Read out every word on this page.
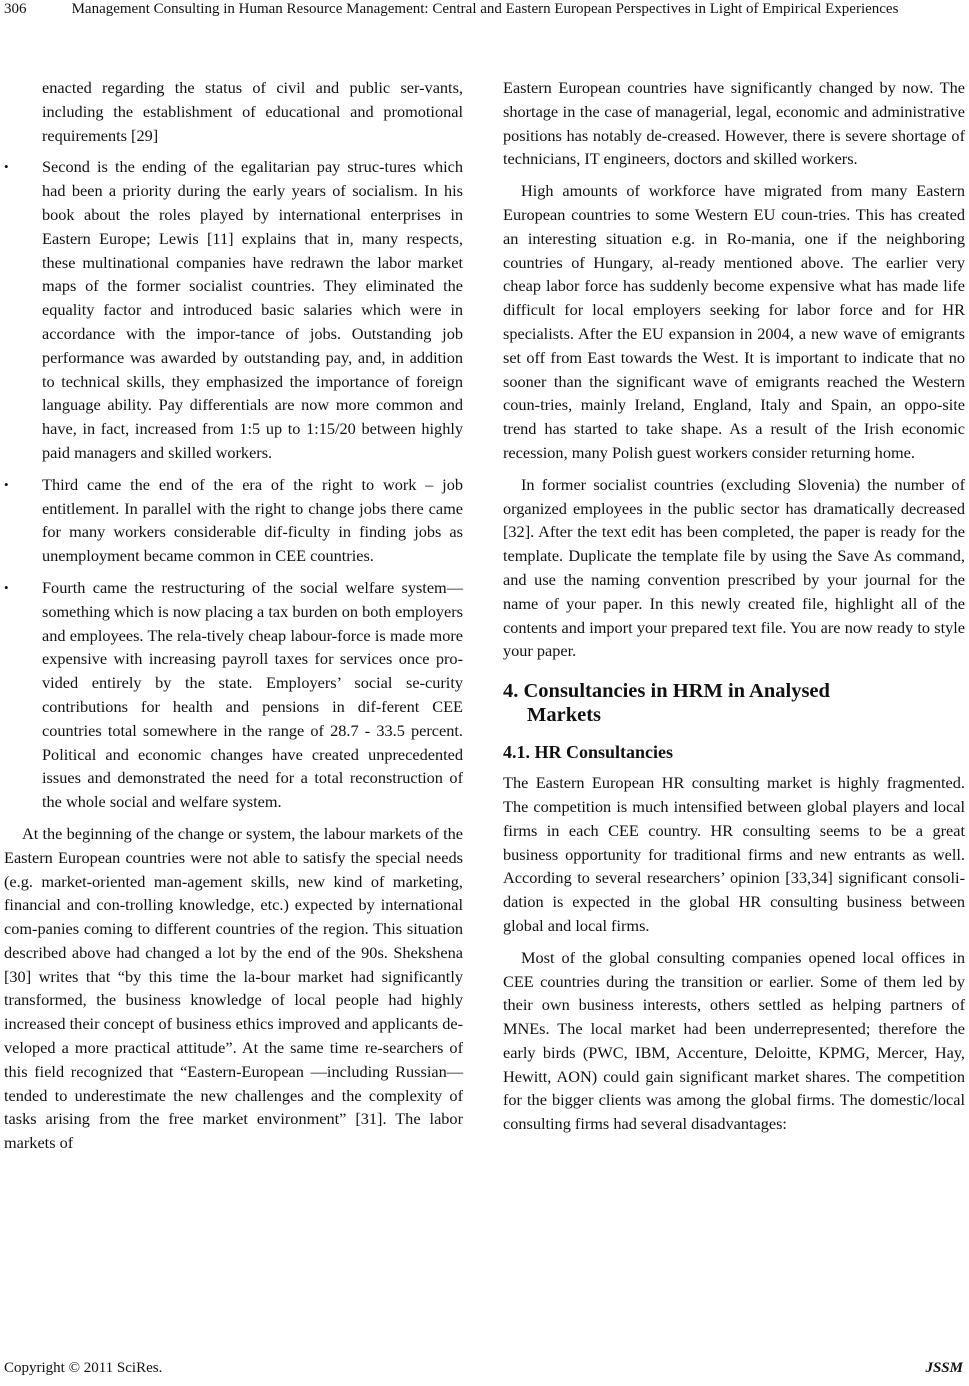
306	Management Consulting in Human Resource Management: Central and Eastern European Perspectives in Light of Empirical Experiences

enacted regarding the status of civil and public ser-vants, including the establishment of educational and promotional requirements [29]

•	Second is the ending of the egalitarian pay struc-tures which had been a priority during the early years of socialism. In his book about the roles played by international enterprises in Eastern Europe; Lewis [11] explains that in, many respects, these multinational companies have redrawn the labor market maps of the former socialist countries. They eliminated the equality factor and introduced basic salaries which were in accordance with the impor-tance of jobs. Outstanding job performance was awarded by outstanding pay, and, in addition to technical skills, they emphasized the importance of foreign language ability. Pay differentials are now more common and have, in fact, increased from 1:5 up to 1:15/20 between highly paid managers and skilled workers.

•	Third came the end of the era of the right to work – job entitlement. In parallel with the right to change jobs there came for many workers considerable dif-ficulty in finding jobs as unemployment became common in CEE countries.

•	Fourth came the restructuring of the social welfare system—something which is now placing a tax burden on both employers and employees. The rela-tively cheap labour-force is made more expensive with increasing payroll taxes for services once pro-vided entirely by the state. Employers’ social se-curity contributions for health and pensions in dif-ferent CEE countries total somewhere in the range of 28.7 - 33.5 percent. Political and economic changes have created unprecedented issues and demonstrated the need for a total reconstruction of the whole social and welfare system.

At the beginning of the change or system, the labour markets of the Eastern European countries were not able to satisfy the special needs (e.g. market-oriented man-agement skills, new kind of marketing, financial and con-trolling knowledge, etc.) expected by international com-panies coming to different countries of the region. This situation described above had changed a lot by the end of the 90s. Shekshena [30] writes that “by this time the la-bour market had significantly transformed, the business knowledge of local people had highly increased their concept of business ethics improved and applicants de-veloped a more practical attitude”. At the same time re-searchers of this field recognized that “Eastern-European —including Russian—tended to underestimate the new challenges and the complexity of tasks arising from the free market environment” [31]. The labor markets of

Eastern European countries have significantly changed by now. The shortage in the case of managerial, legal, economic and administrative positions has notably de-creased. However, there is severe shortage of technicians, IT engineers, doctors and skilled workers.

High amounts of workforce have migrated from many Eastern European countries to some Western EU coun-tries. This has created an interesting situation e.g. in Ro-mania, one if the neighboring countries of Hungary, al-ready mentioned above. The earlier very cheap labor force has suddenly become expensive what has made life difficult for local employers seeking for labor force and for HR specialists. After the EU expansion in 2004, a new wave of emigrants set off from East towards the West. It is important to indicate that no sooner than the significant wave of emigrants reached the Western coun-tries, mainly Ireland, England, Italy and Spain, an oppo-site trend has started to take shape. As a result of the Irish economic recession, many Polish guest workers consider returning home.

In former socialist countries (excluding Slovenia) the number of organized employees in the public sector has dramatically decreased [32]. After the text edit has been completed, the paper is ready for the template. Duplicate the template file by using the Save As command, and use the naming convention prescribed by your journal for the name of your paper. In this newly created file, highlight all of the contents and import your prepared text file. You are now ready to style your paper.

4. Consultancies in HRM in Analysed
Markets
4.1. HR Consultancies

The Eastern European HR consulting market is highly fragmented. The competition is much intensified between global players and local firms in each CEE country. HR consulting seems to be a great business opportunity for traditional firms and new entrants as well. According to several researchers’ opinion [33,34] significant consoli-dation is expected in the global HR consulting business between global and local firms.

Most of the global consulting companies opened local offices in CEE countries during the transition or earlier. Some of them led by their own business interests, others settled as helping partners of MNEs. The local market had been underrepresented; therefore the early birds (PWC, IBM, Accenture, Deloitte, KPMG, Mercer, Hay, Hewitt, AON) could gain significant market shares. The competition for the bigger clients was among the global firms. The domestic/local consulting firms had several disadvantages:

Copyright © 2011 SciRes.	JSSM
